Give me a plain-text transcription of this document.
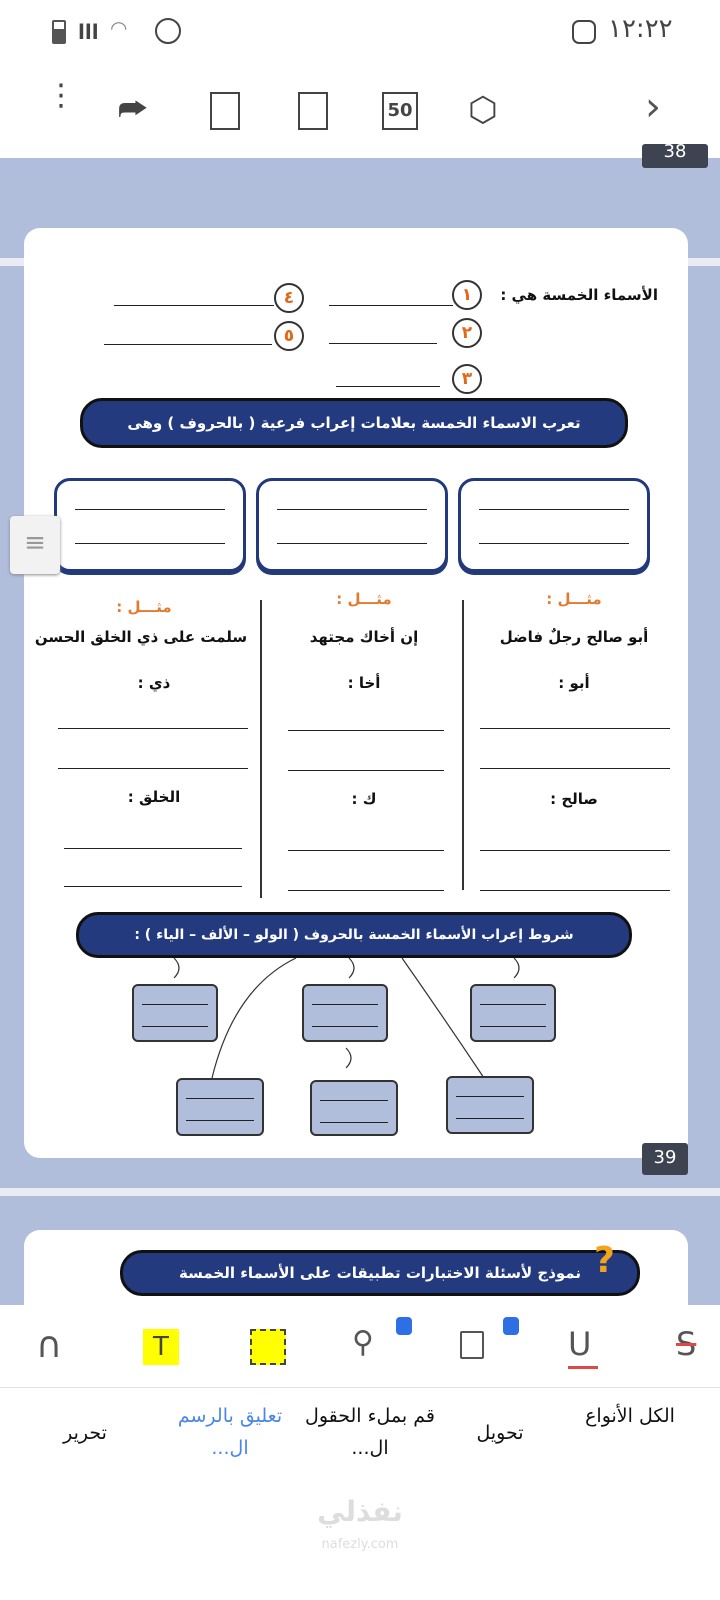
lll ◠	١٢:٢٢
⋮ ⮫	50 ⬡	›
38
الأسماء الخمسة هي :
١
٢
٣
٤
٥
تعرب الاسماء الخمسة بعلامات إعراب فرعية ( بالحروف ) وهى
مثـــل :
أبو صالح رجلٌ فاضل
أبو :
صالح :
مثـــل :
إن أخاك مجتهد
أخا :
ك :
مثـــل :
سلمت على ذي الخلق الحسن
ذي :
الخلق :
شروط إعراب الأسماء الخمسة بالحروف ( الولو – الألف – الياء ) :
39
نموذج لأسئلة الاختبارات تطبيقات على الأسماء الخمسة ?
≡
∩	T	⚲	U	S
الكل الأنواع
تحويل
قم بملء الحقول ال...
تعليق بالرسم ال...
تحرير
نفذلي
nafezly.com
